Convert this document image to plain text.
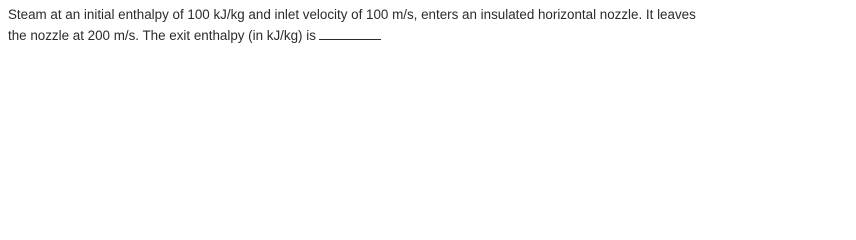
Steam at an initial enthalpy of 100 kJ/kg and inlet velocity of 100 m/s, enters an insulated horizontal nozzle. It leaves
the nozzle at 200 m/s. The exit enthalpy (in kJ/kg) is
